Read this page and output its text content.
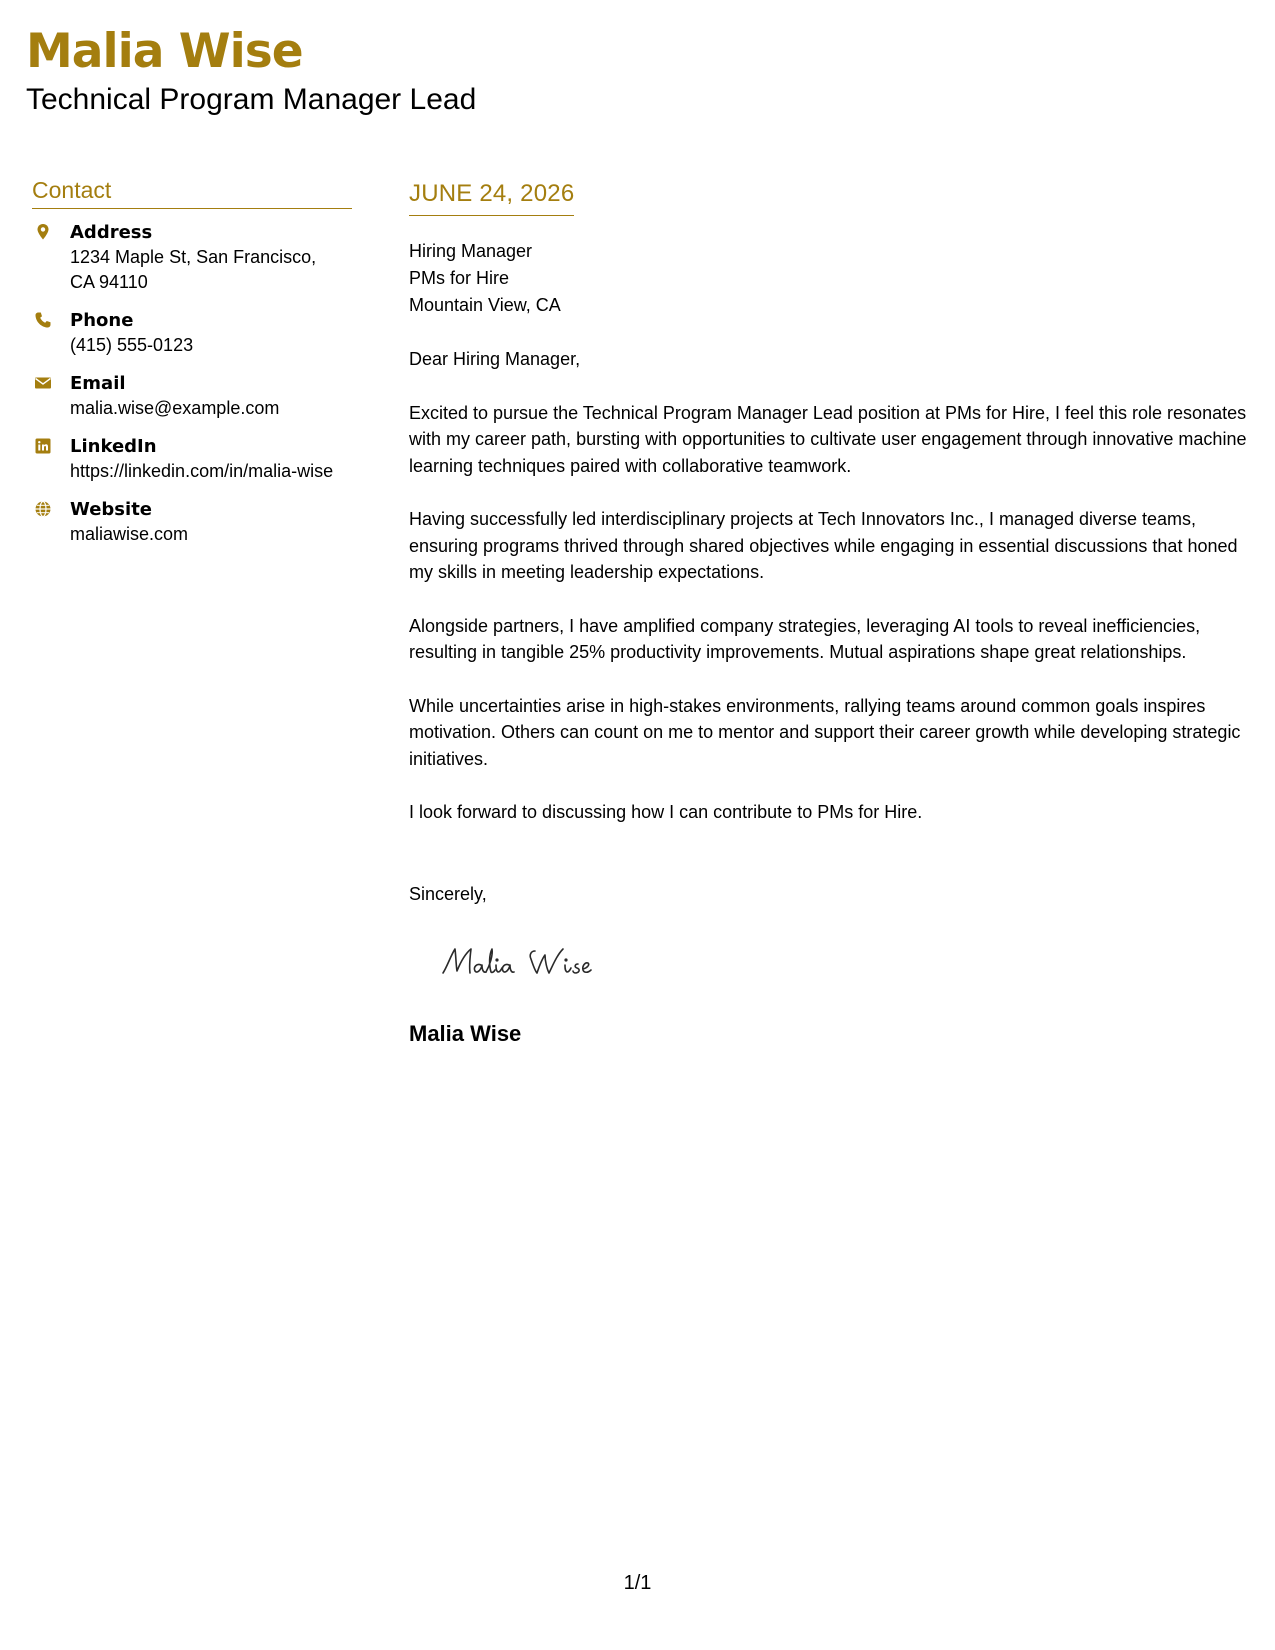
Malia Wise
Technical Program Manager Lead
Contact
Address
1234 Maple St, San Francisco, CA 94110
Phone
(415) 555-0123
Email
malia.wise@example.com
LinkedIn
https://linkedin.com/in/malia-wise
Website
maliawise.com
JUNE 24, 2026
Hiring Manager
PMs for Hire
Mountain View, CA

Dear Hiring Manager,

Excited to pursue the Technical Program Manager Lead position at PMs for Hire, I feel this role resonates with my career path, bursting with opportunities to cultivate user engagement through innovative machine learning techniques paired with collaborative teamwork.

Having successfully led interdisciplinary projects at Tech Innovators Inc., I managed diverse teams, ensuring programs thrived through shared objectives while engaging in essential discussions that honed my skills in meeting leadership expectations.

Alongside partners, I have amplified company strategies, leveraging AI tools to reveal inefficiencies, resulting in tangible 25% productivity improvements. Mutual aspirations shape great relationships.

While uncertainties arise in high-stakes environments, rallying teams around common goals inspires motivation. Others can count on me to mentor and support their career growth while developing strategic initiatives.

I look forward to discussing how I can contribute to PMs for Hire.

Sincerely,
Malia Wise
1/1
